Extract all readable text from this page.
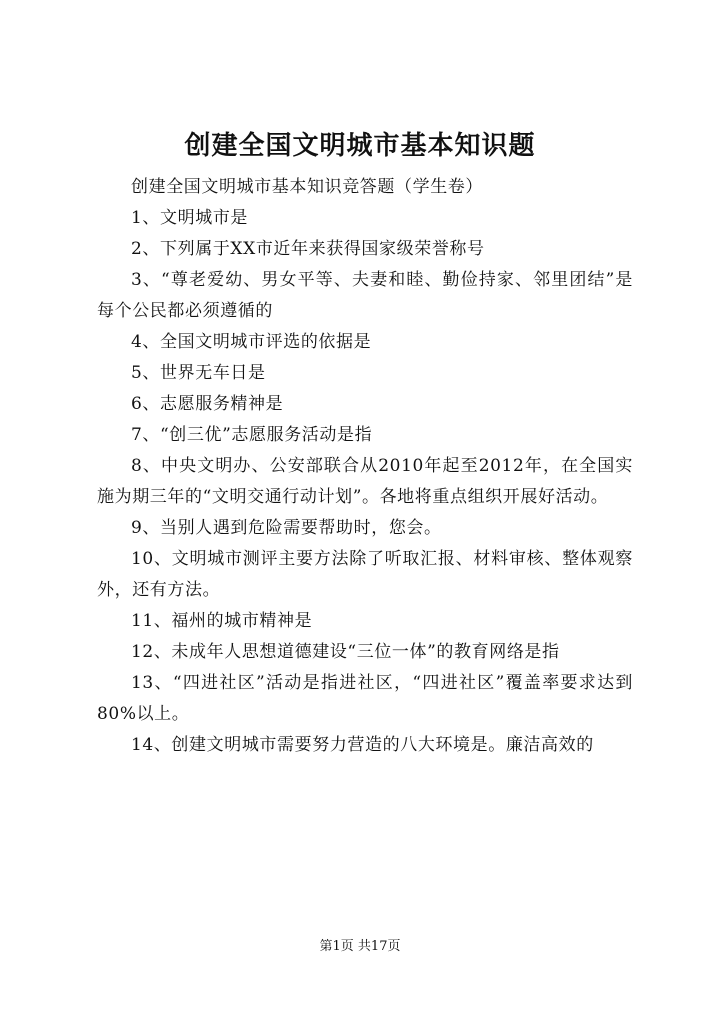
创建全国文明城市基本知识题

创建全国文明城市基本知识竞答题（学生卷）

1、文明城市是

2、下列属于XX市近年来获得国家级荣誉称号

3、“尊老爱幼、男女平等、夫妻和睦、勤俭持家、邻里团结”是每个公民都必须遵循的

4、全国文明城市评选的依据是

5、世界无车日是

6、志愿服务精神是

7、“创三优”志愿服务活动是指

8、中央文明办、公安部联合从2010年起至2012年，在全国实施为期三年的“文明交通行动计划”。各地将重点组织开展好活动。

9、当别人遇到危险需要帮助时，您会。

10、文明城市测评主要方法除了听取汇报、材料审核、整体观察外，还有方法。

11、福州的城市精神是

12、未成年人思想道德建设“三位一体”的教育网络是指

13、“四进社区”活动是指进社区，“四进社区”覆盖率要求达到80%以上。

14、创建文明城市需要努力营造的八大环境是。廉洁高效的

第1页 共17页
